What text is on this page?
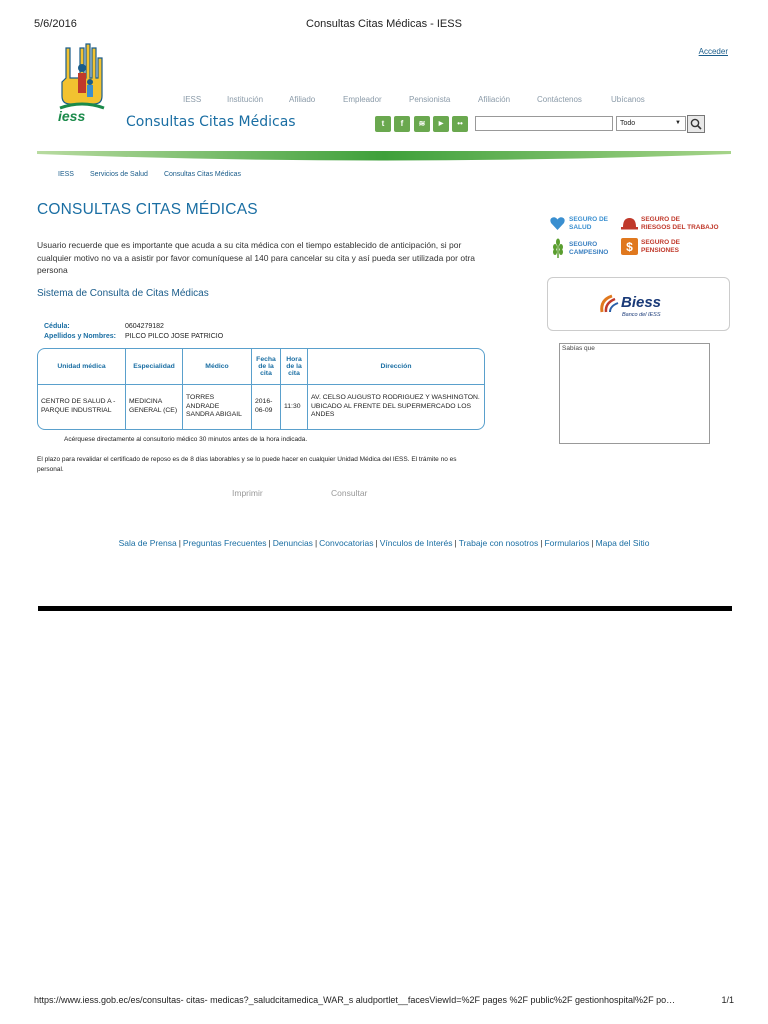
5/6/2016	Consultas Citas Médicas - IESS
iess
Acceder
IESS	Institución	Afiliado	Empleador	Pensionista	Afiliación	Contáctenos	Ubícanos
Consultas Citas Médicas	t	f	≋	▶	••	Todo	▼
IESS Servicios de Salud Consultas Citas Médicas
CONSULTAS CITAS MÉDICAS
Usuario recuerde que es importante que acuda a su cita médica con el tiempo establecido de anticipación, si por cualquier motivo no va a asistir por favor comuníquese al 140 para cancelar su cita y así pueda ser utilizada por otra persona
Sistema de Consulta de Citas Médicas
Cédula:	0604279182
Apellidos y Nombres: PILCO PILCO JOSE PATRICIO
Unidad médica	Especialidad	Médico	Fecha de la cita	Hora de la cita	Dirección
CENTRO DE SALUD A - PARQUE INDUSTRIAL	MEDICINA GENERAL (CE)	TORRES ANDRADE SANDRA ABIGAIL	2016-06-09	11:30	AV. CELSO AUGUSTO RODRIGUEZ Y WASHINGTON. UBICADO AL FRENTE DEL SUPERMERCADO LOS ANDES
Acérquese directamente al consultorio médico 30 minutos antes de la hora indicada.
El plazo para revalidar el certificado de reposo es de 8 días laborables y se lo puede hacer en cualquier Unidad Médica del IESS. El trámite no es personal.
Imprimir	Consultar
SEGURO DE
SALUD
SEGURO DE
RIESGOS DEL TRABAJO
SEGURO
CAMPESINO $ SEGURO DE
PENSIONES
Biess
Banco del IESS
Sabías que
Sala de Prensa | Preguntas Frecuentes | Denuncias | Convocatorias | Vínculos de Interés | Trabaje con nosotros | Formularios | Mapa del Sitio
https://www.iess.gob.ec/es/consultas- citas- medicas?_saludcitamedica_WAR_s aludportlet__facesViewId=%2F pages %2F public%2F gestionhospital%2F po…	1/1
